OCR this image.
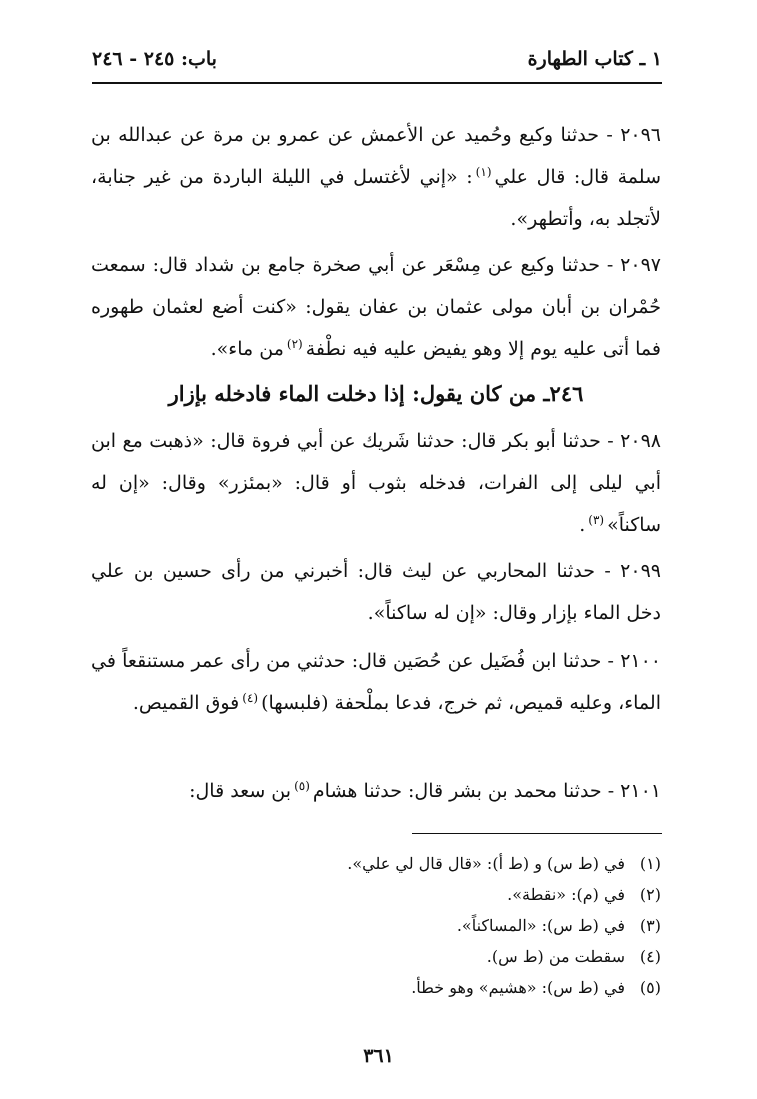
١ ـ كتاب الطهارة
باب: ٢٤٥ - ٢٤٦

٢٠٩٦ - حدثنا وكيع وحُميد عن الأعمش عن عمرو بن مرة عن عبدالله بن سلمة قال: قال علي$^{(١)}$: «إني لأغتسل في الليلة الباردة من غير جنابة، لأتجلد به، وأتطهر».

٢٠٩٧ - حدثنا وكيع عن مِسْعَر عن أبي صخرة جامع بن شداد قال: سمعت حُمْران بن أبان مولى عثمان بن عفان يقول: «كنت أضع لعثمان طهوره فما أتى عليه يوم إلا وهو يفيض عليه فيه نطْفة$^{(٢)}$من ماء».

٢٤٦ـ من كان يقول: إذا دخلت الماء فادخله بإزار

٢٠٩٨ - حدثنا أبو بكر قال: حدثنا شَريك عن أبي فروة قال: «ذهبت مع ابن أبي ليلى إلى الفرات، فدخله بثوب أو قال: «بمئزر» وقال: «إن له ساكناً»$^{(٣)}$.

٢٠٩٩ - حدثنا المحاربي عن ليث قال: أخبرني من رأى حسين بن علي دخل الماء بإزار وقال: «إن له ساكناً».

٢١٠٠ - حدثنا ابن فُضَيل عن حُصَين قال: حدثني من رأى عمر مستنقعاً في الماء، وعليه قميص، ثم خرج، فدعا بملْحفة (فلبسها)$^{(٤)}$فوق القميص.

٢١٠١ - حدثنا محمد بن بشر قال: حدثنا هشام$^{(٥)}$بن سعد قال:

(١)في (ط س) و (ط أ): «قال قال لي علي».
(٢)في (م): «نقطة».
(٣)في (ط س): «المساكناً».
(٤)سقطت من (ط س).
(٥)في (ط س): «هشيم» وهو خطأ.
٣٦١
